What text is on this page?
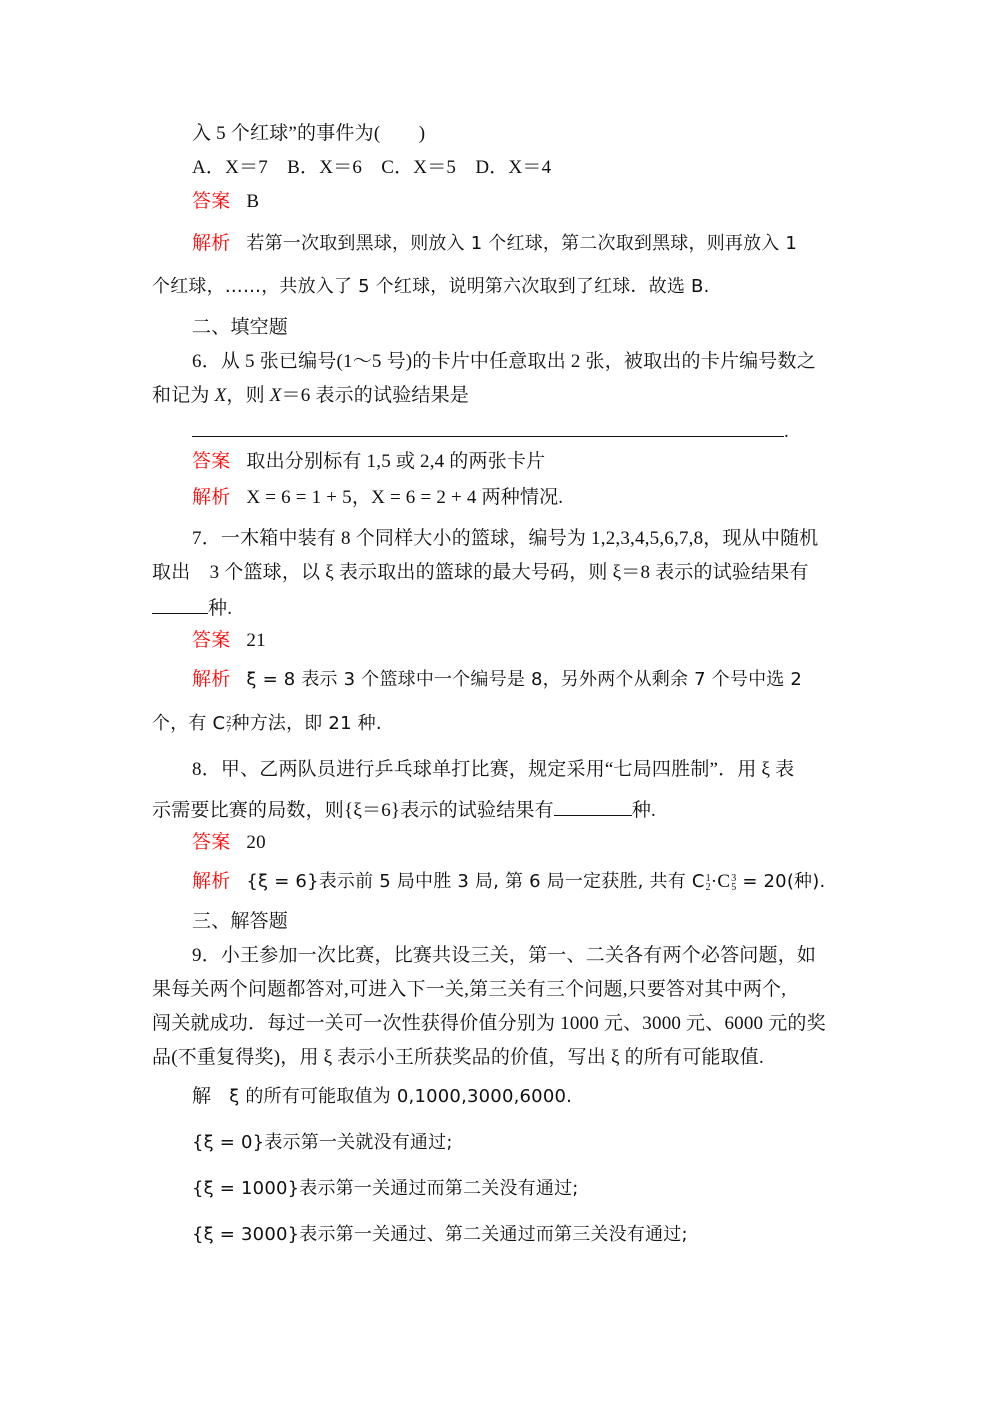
入 5 个红球”的事件为(　　)
A．X＝7　B．X＝6　C．X＝5　D．X＝4
答案 B
解析 若第一次取到黑球，则放入 1 个红球，第二次取到黑球，则再放入 1
个红球，……，共放入了 5 个红球，说明第六次取到了红球．故选 B.
二、填空题
6．从 5 张已编号(1～5 号)的卡片中任意取出 2 张，被取出的卡片编号数之
和记为 X，则 X＝6 表示的试验结果是
.
答案 取出分别标有 1,5 或 2,4 的两张卡片
解析 X = 6 = 1 + 5，X = 6 = 2 + 4 两种情况.
7．一木箱中装有 8 个同样大小的篮球，编号为 1,2,3,4,5,6,7,8，现从中随机
取出　3 个篮球，以 ξ 表示取出的篮球的最大号码，则 ξ＝8 表示的试验结果有
种.
答案 21
解析 ξ = 8 表示 3 个篮球中一个编号是 8，另外两个从剩余 7 个号中选 2
个，有 C 2
7 种方法，即 21 种.
8．甲、乙两队员进行乒乓球单打比赛，规定采用“七局四胜制”．用 ξ 表
示需要比赛的局数，则{ξ＝6}表示的试验结果有	种.
答案 20
解析 {ξ = 6}表示前 5 局中胜 3 局, 第 6 局一定获胜, 共有 C 1
2 ·C 3
5 = 20(种).
三、解答题
9．小王参加一次比赛，比赛共设三关，第一、二关各有两个必答问题，如
果每关两个问题都答对,可进入下一关,第三关有三个问题,只要答对其中两个,
闯关就成功．每过一关可一次性获得价值分别为 1000 元、3000 元、6000 元的奖
品(不重复得奖)，用 ξ 表示小王所获奖品的价值，写出 ξ 的所有可能取值.
解 ξ 的所有可能取值为 0,1000,3000,6000.
{ξ = 0}表示第一关就没有通过;
{ξ = 1000}表示第一关通过而第二关没有通过;
{ξ = 3000}表示第一关通过、第二关通过而第三关没有通过;
